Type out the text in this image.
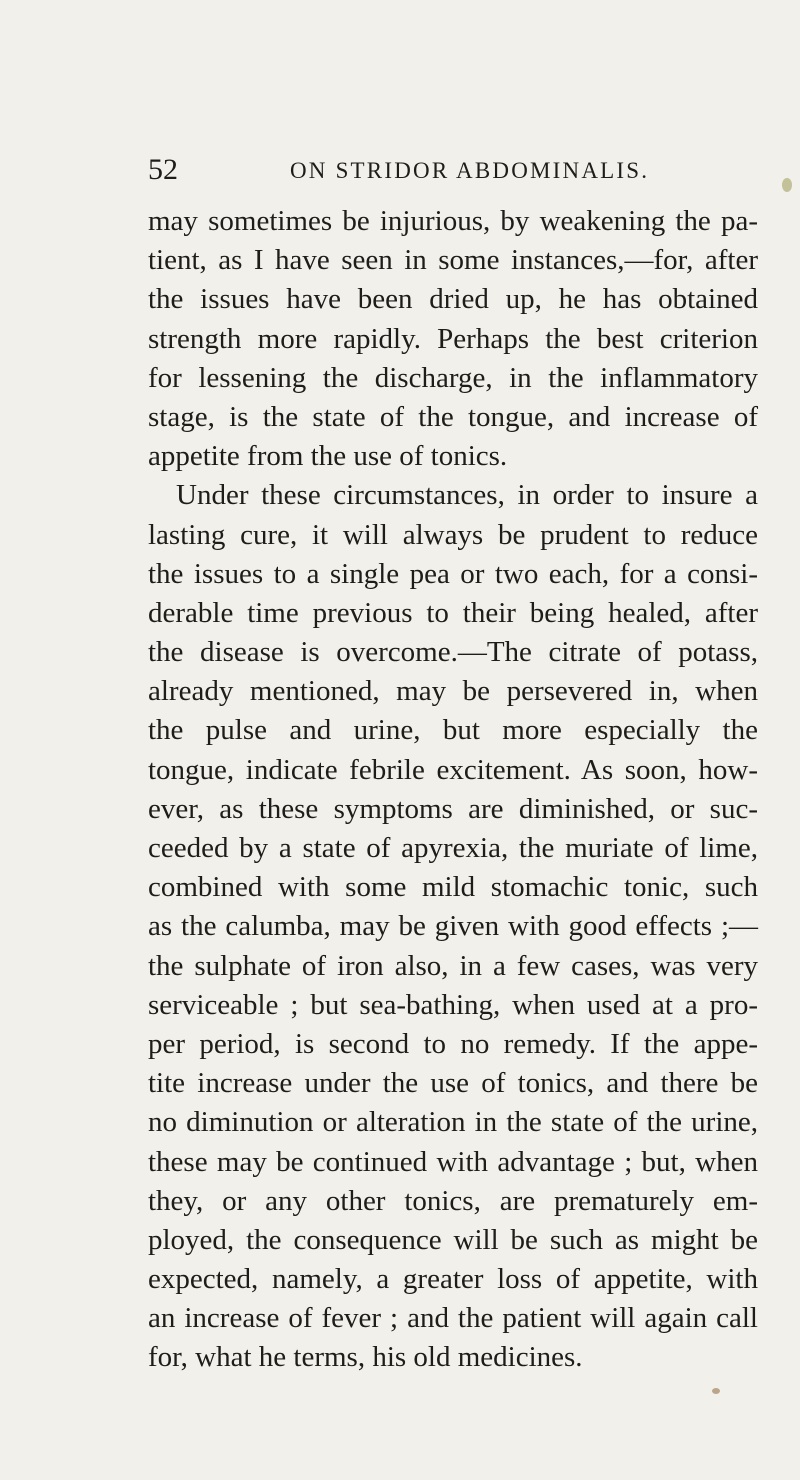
52	ON STRIDOR ABDOMINALIS.
may sometimes be injurious, by weakening the pa-
tient, as I have seen in some instances,—for, after
the issues have been dried up, he has obtained
strength more rapidly. Perhaps the best criterion
for lessening the discharge, in the inflammatory
stage, is the state of the tongue, and increase of
appetite from the use of tonics.
Under these circumstances, in order to insure a
lasting cure, it will always be prudent to reduce
the issues to a single pea or two each, for a consi-
derable time previous to their being healed, after
the disease is overcome.—The citrate of potass,
already mentioned, may be persevered in, when
the pulse and urine, but more especially the
tongue, indicate febrile excitement. As soon, how-
ever, as these symptoms are diminished, or suc-
ceeded by a state of apyrexia, the muriate of lime,
combined with some mild stomachic tonic, such
as the calumba, may be given with good effects ;—
the sulphate of iron also, in a few cases, was very
serviceable ; but sea-bathing, when used at a pro-
per period, is second to no remedy. If the appe-
tite increase under the use of tonics, and there be
no diminution or alteration in the state of the urine,
these may be continued with advantage ; but, when
they, or any other tonics, are prematurely em-
ployed, the consequence will be such as might be
expected, namely, a greater loss of appetite, with
an increase of fever ; and the patient will again call
for, what he terms, his old medicines.
